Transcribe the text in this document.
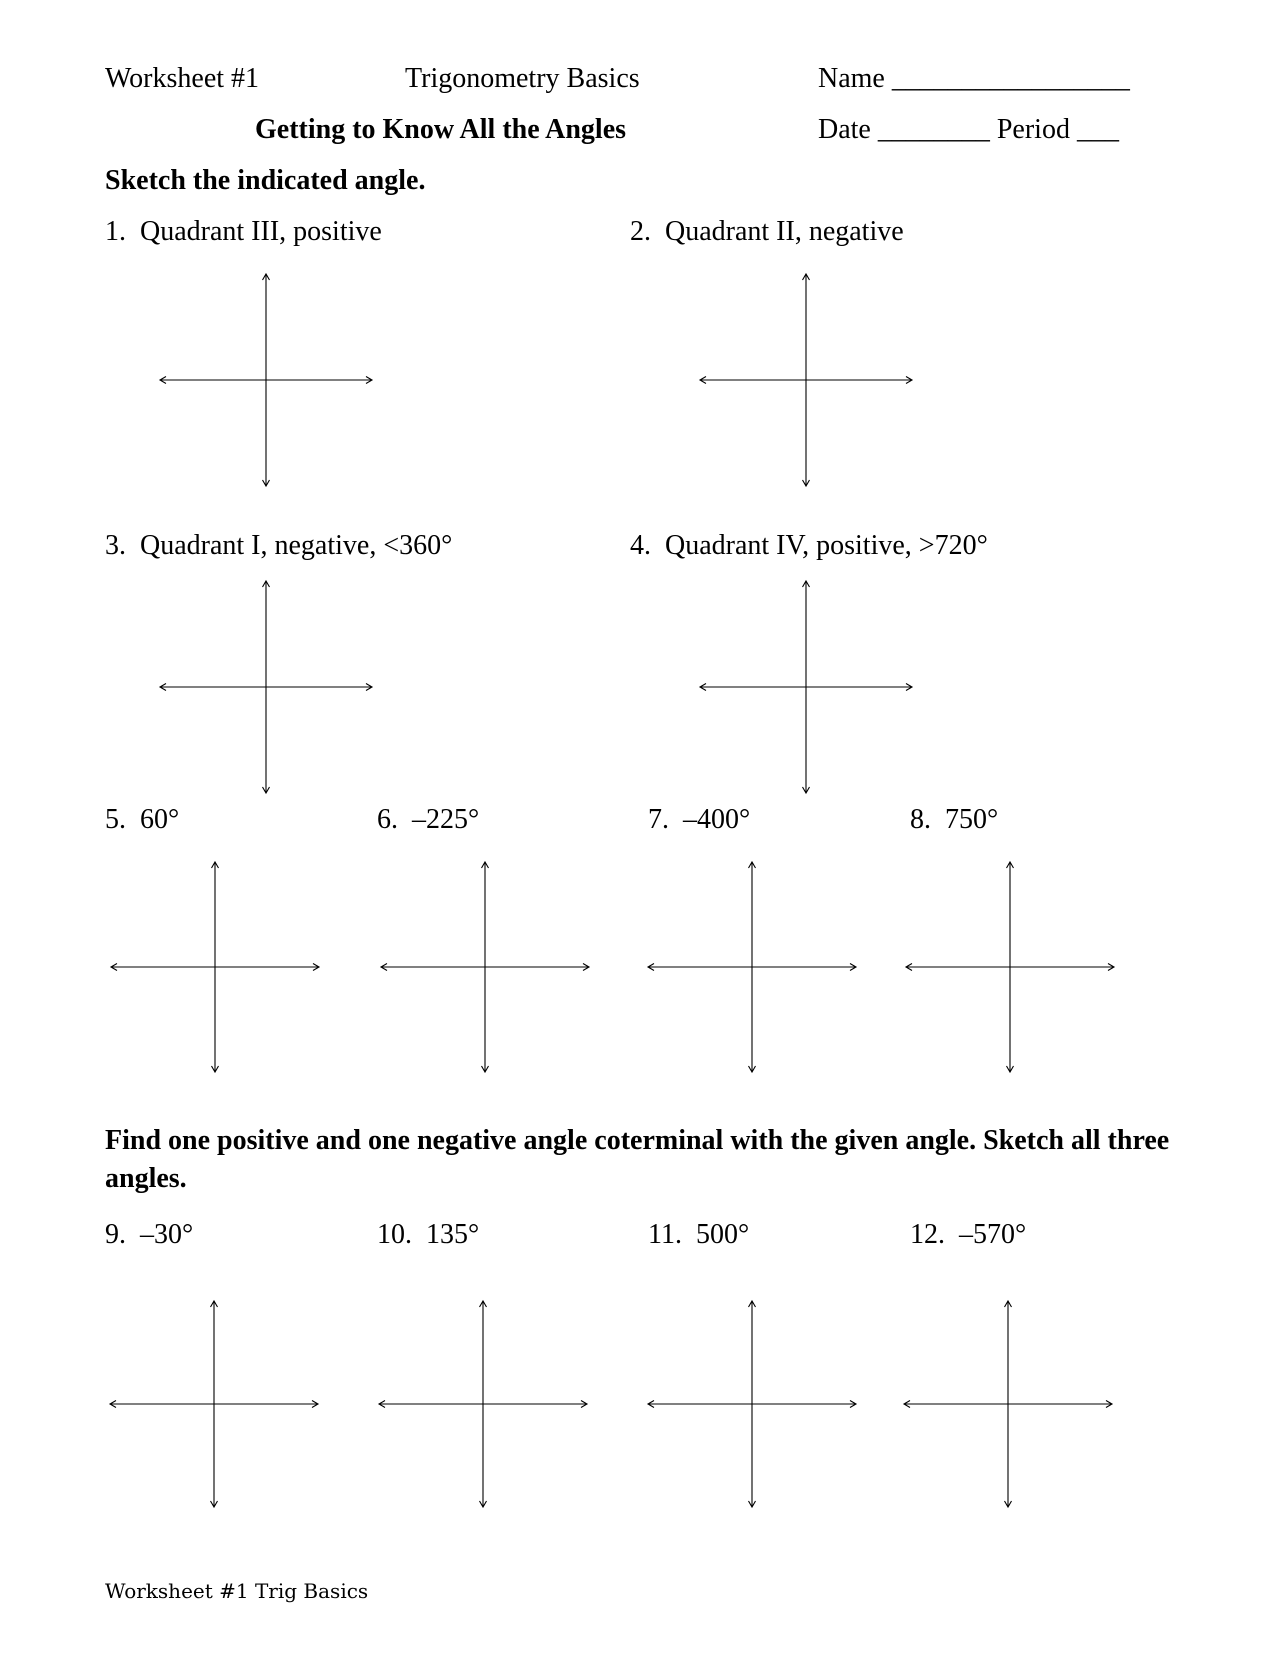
Worksheet #1	Trigonometry Basics	Name _________________
Getting to Know All the Angles	Date ________ Period ___
Sketch the indicated angle.
1. Quadrant III, positive	2. Quadrant II, negative
3. Quadrant I, negative, <360°	4. Quadrant IV, positive, >720°
5. 60°	6. –225°	7. –400°	8. 750°
Find one positive and one negative angle coterminal with the given angle. Sketch all three angles.
9. –30°	10. 135°	11. 500°	12. –570°
Worksheet #1 Trig Basics
